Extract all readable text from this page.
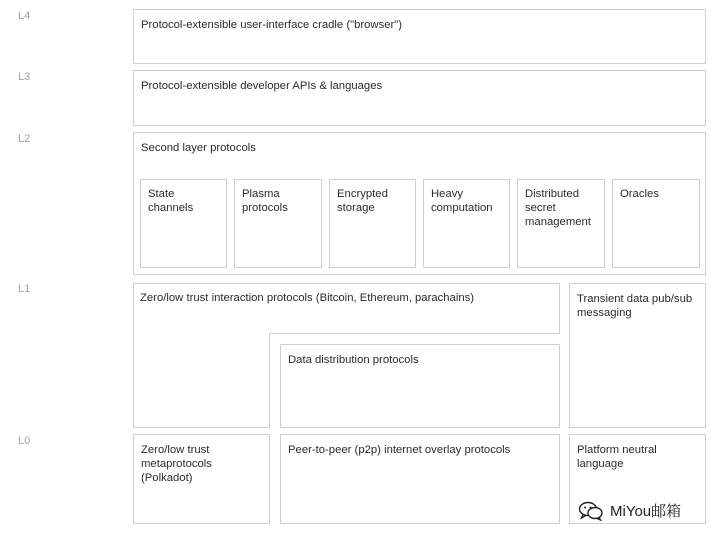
L4
L3
L2
L1
L0
Protocol-extensible user-interface cradle ("browser")
Protocol-extensible developer APIs & languages
Second layer protocols
State channels
Plasma protocols
Encrypted storage
Heavy computation
Distributed secret management
Oracles
Zero/low trust interaction protocols (Bitcoin, Ethereum, parachains)
Data distribution protocols
Transient data pub/sub messaging
Zero/low trust metaprotocols (Polkadot)
Peer-to-peer (p2p) internet overlay protocols	Platform neutral language
MiYou邮箱
